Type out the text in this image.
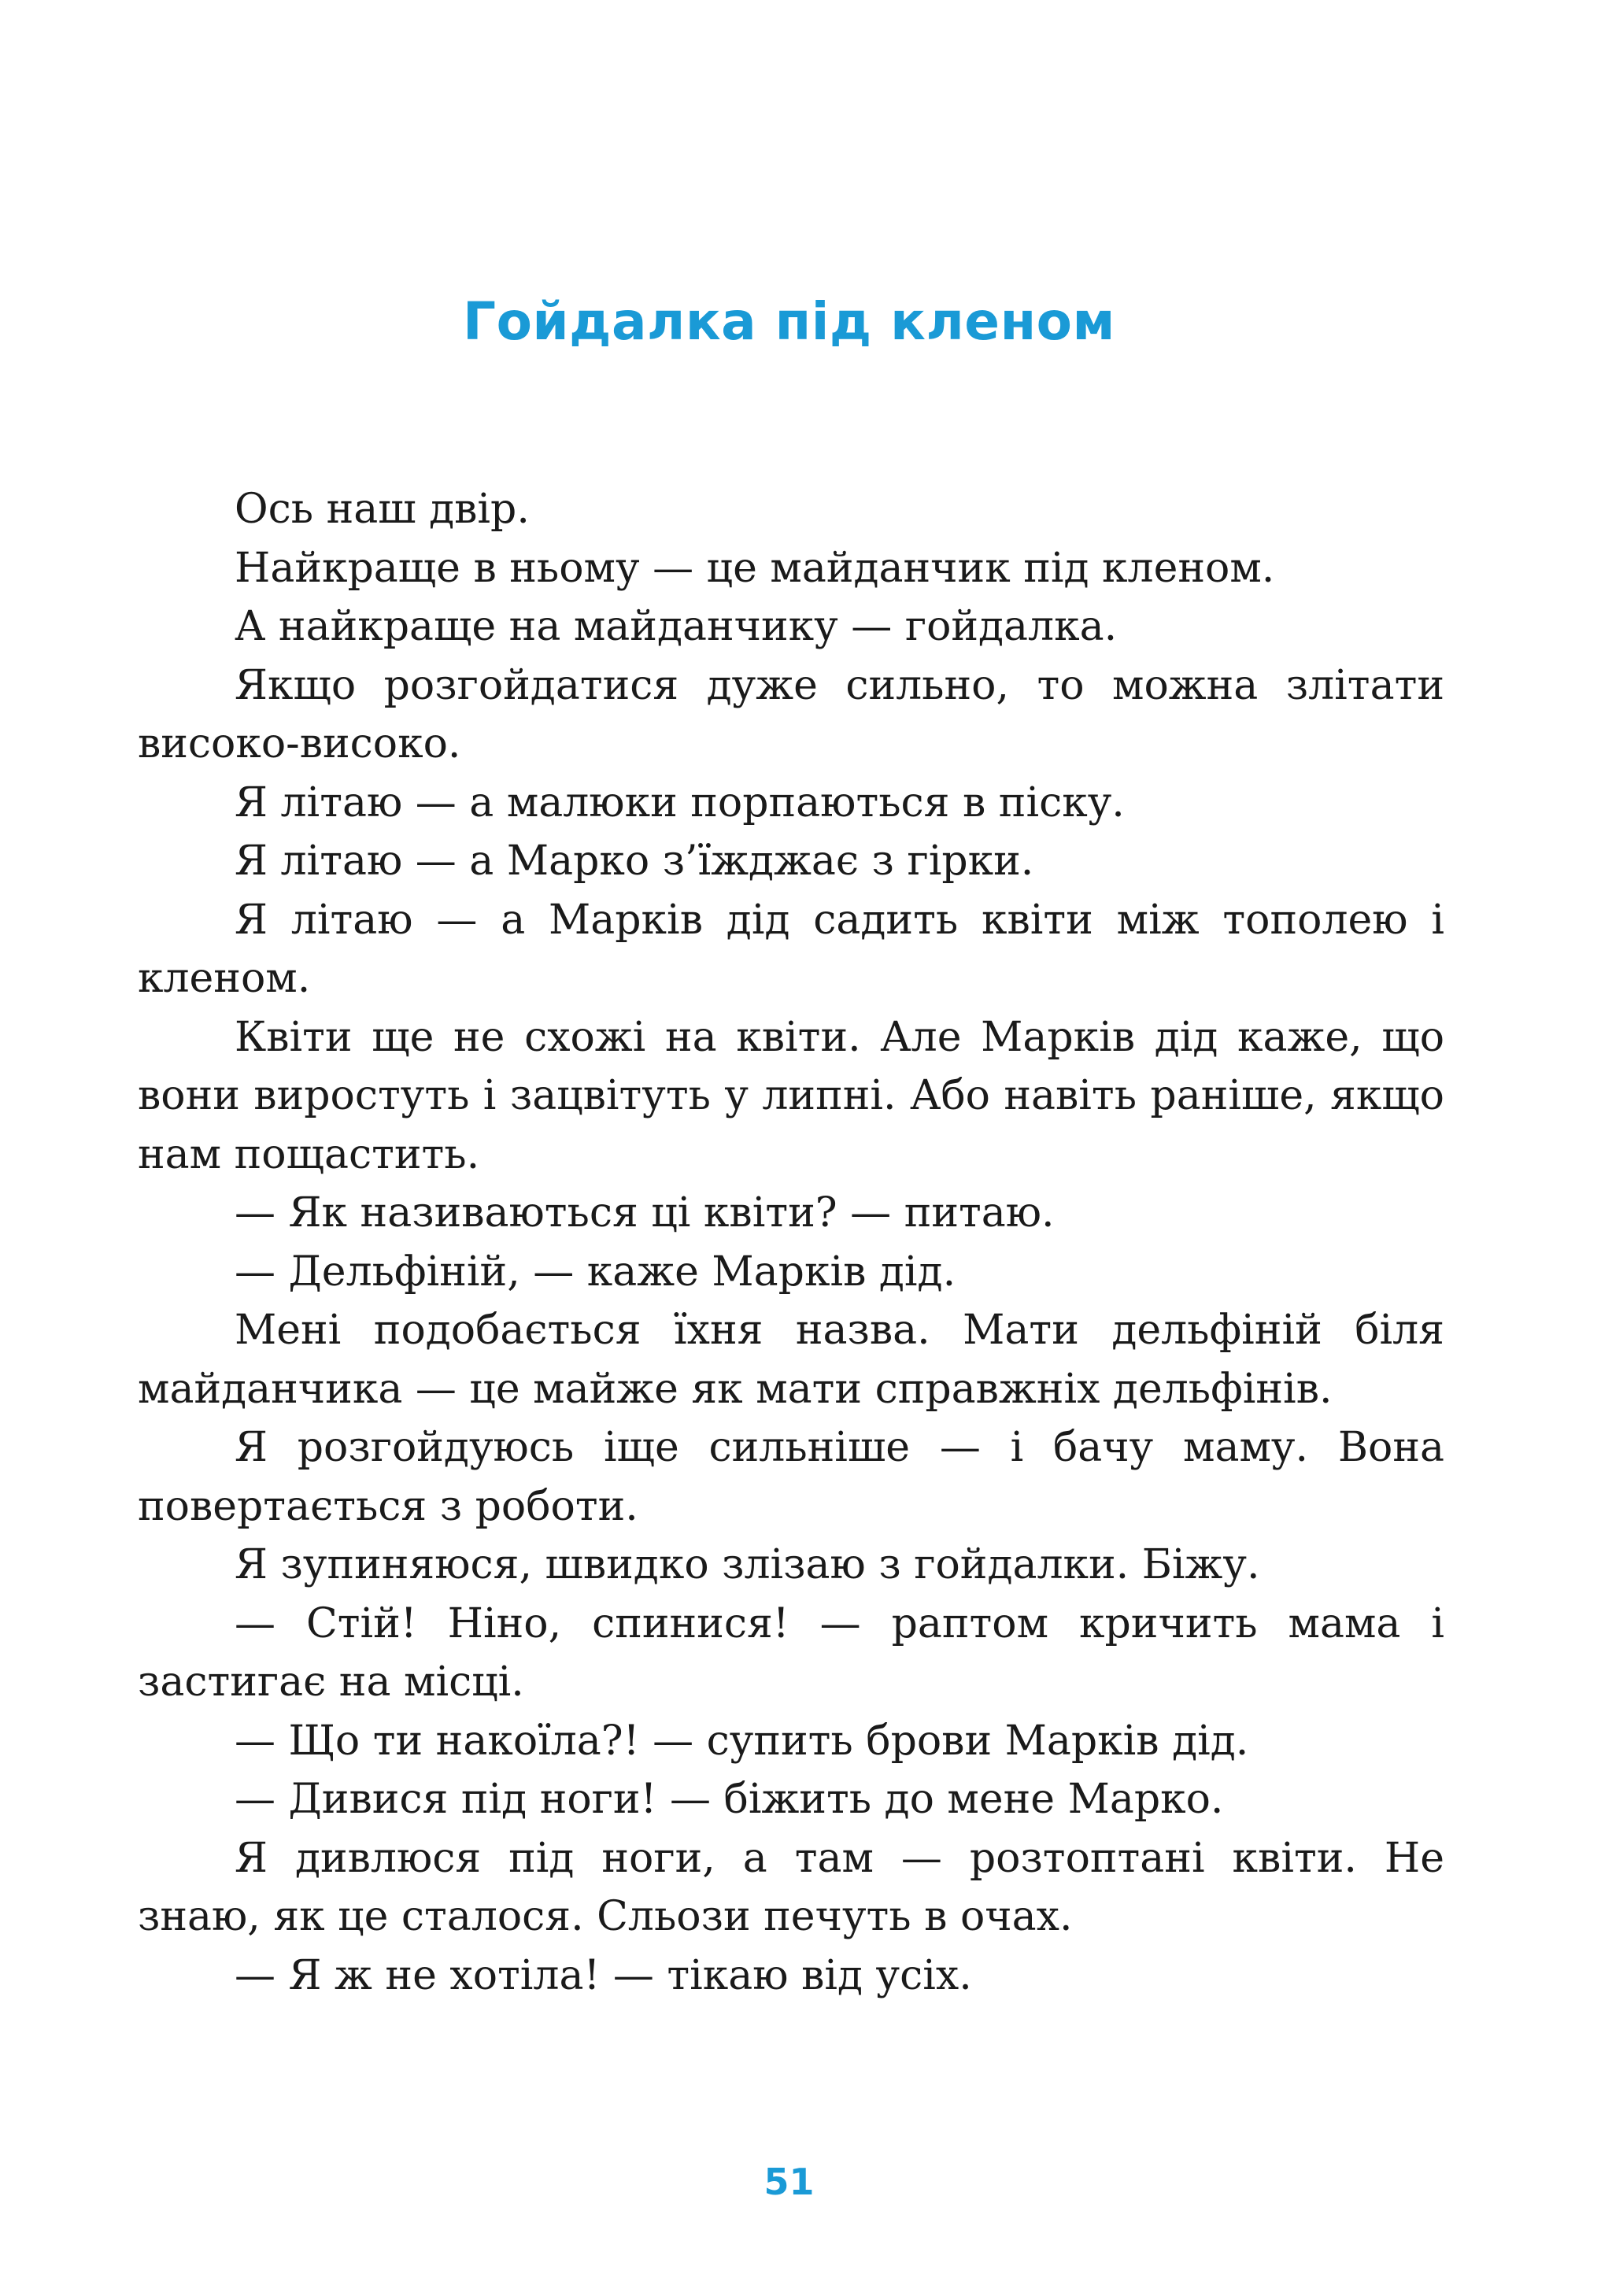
Гойдалка під кленом

Ось наш двір.

Найкраще в ньому — це майданчик під кленом.

А найкраще на майданчику — гойдалка.

Якщо розгойдатися дуже сильно, то можна злітати високо-високо.

Я літаю — а малюки порпаються в піску.

Я літаю — а Марко з’їжджає з гірки.

Я літаю — а Марків дід садить квіти між тополею і кленом.

Квіти ще не схожі на квіти. Але Марків дід каже, що вони виростуть і зацвітуть у липні. Або навіть раніше, якщо нам пощастить.

— Як називаються ці квіти? — питаю.

— Дельфіній, — каже Марків дід.

Мені подобається їхня назва. Мати дельфіній біля майданчика — це майже як мати справжніх дельфінів.

Я розгойдуюсь іще сильніше — і бачу маму. Вона повертається з роботи.

Я зупиняюся, швидко злізаю з гойдалки. Біжу.

— Стій! Ніно, спинися! — раптом кричить мама і застигає на місці.

— Що ти накоїла?! — супить брови Марків дід.

— Дивися під ноги! — біжить до мене Марко.

Я дивлюся під ноги, а там — розтоптані квіти. Не знаю, як це сталося. Сльози печуть в очах.

— Я ж не хотіла! — тікаю від усіх.

51
